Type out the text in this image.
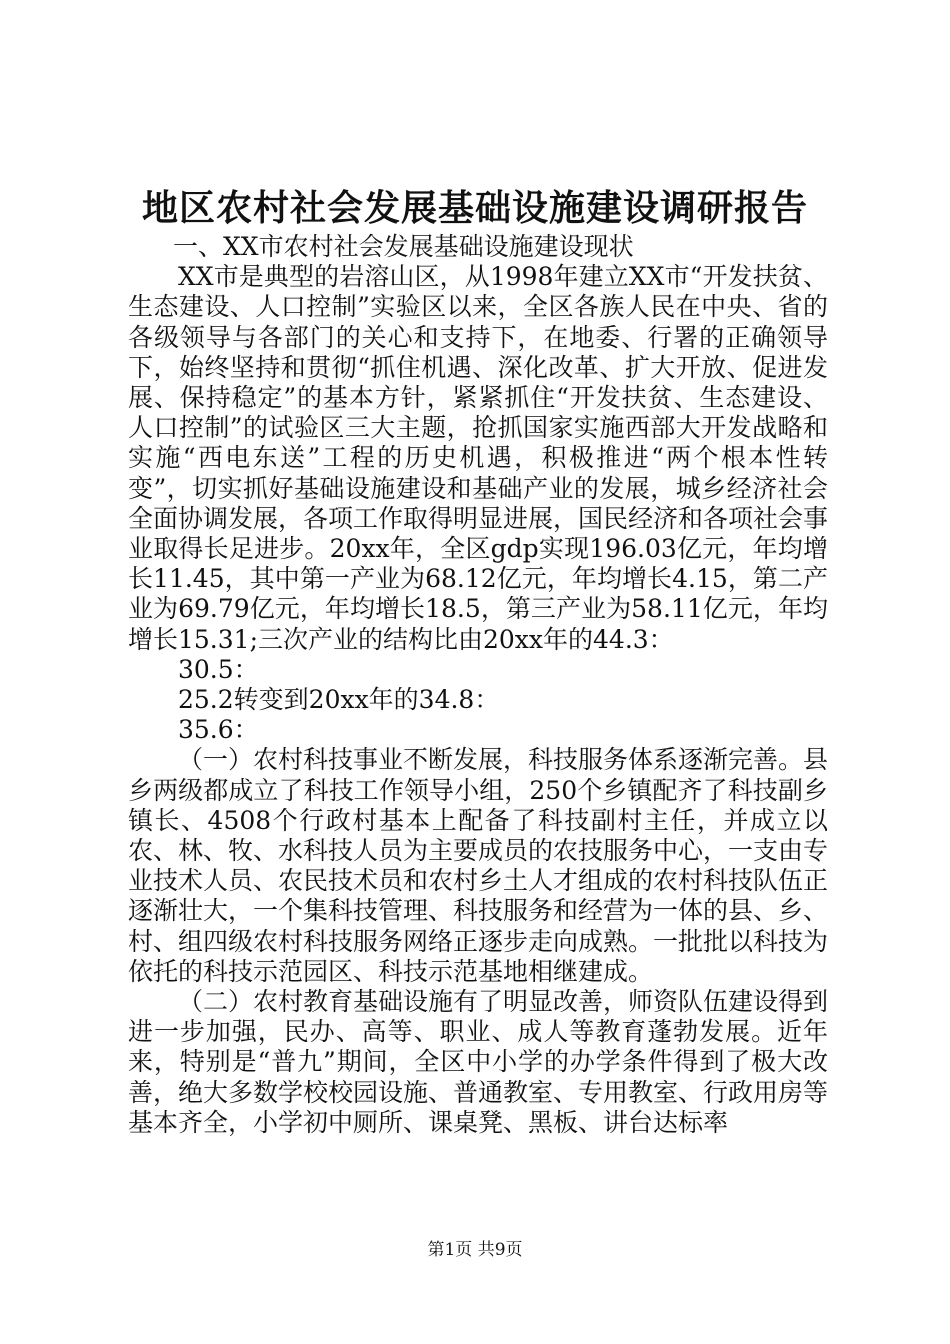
地区农村社会发展基础设施建设调研报告

一、XX市农村社会发展基础设施建设现状

XX市是典型的岩溶山区，从1998年建立XX市“开发扶贫、生态建设、人口控制”实验区以来，全区各族人民在中央、省的各级领导与各部门的关心和支持下，在地委、行署的正确领导下，始终坚持和贯彻“抓住机遇、深化改革、扩大开放、促进发展、保持稳定”的基本方针，紧紧抓住“开发扶贫、生态建设、人口控制”的试验区三大主题，抢抓国家实施西部大开发战略和实施“西电东送”工程的历史机遇，积极推进“两个根本性转变”，切实抓好基础设施建设和基础产业的发展，城乡经济社会全面协调发展，各项工作取得明显进展，国民经济和各项社会事业取得长足进步。20xx年，全区gdp实现196.03亿元，年均增长11.45，其中第一产业为68.12亿元，年均增长4.15，第二产业为69.79亿元，年均增长18.5，第三产业为58.11亿元，年均增长15.31;三次产业的结构比由20xx年的44.3：

30.5：

25.2转变到20xx年的34.8：

35.6：

（一）农村科技事业不断发展，科技服务体系逐渐完善。县乡两级都成立了科技工作领导小组，250个乡镇配齐了科技副乡镇长、4508个行政村基本上配备了科技副村主任，并成立以农、林、牧、水科技人员为主要成员的农技服务中心，一支由专业技术人员、农民技术员和农村乡土人才组成的农村科技队伍正逐渐壮大，一个集科技管理、科技服务和经营为一体的县、乡、村、组四级农村科技服务网络正逐步走向成熟。一批批以科技为依托的科技示范园区、科技示范基地相继建成。

（二）农村教育基础设施有了明显改善，师资队伍建设得到进一步加强，民办、高等、职业、成人等教育蓬勃发展。近年来，特别是“普九”期间，全区中小学的办学条件得到了极大改善，绝大多数学校校园设施、普通教室、专用教室、行政用房等基本齐全，小学初中厕所、课桌凳、黑板、讲台达标率

第1页 共9页
